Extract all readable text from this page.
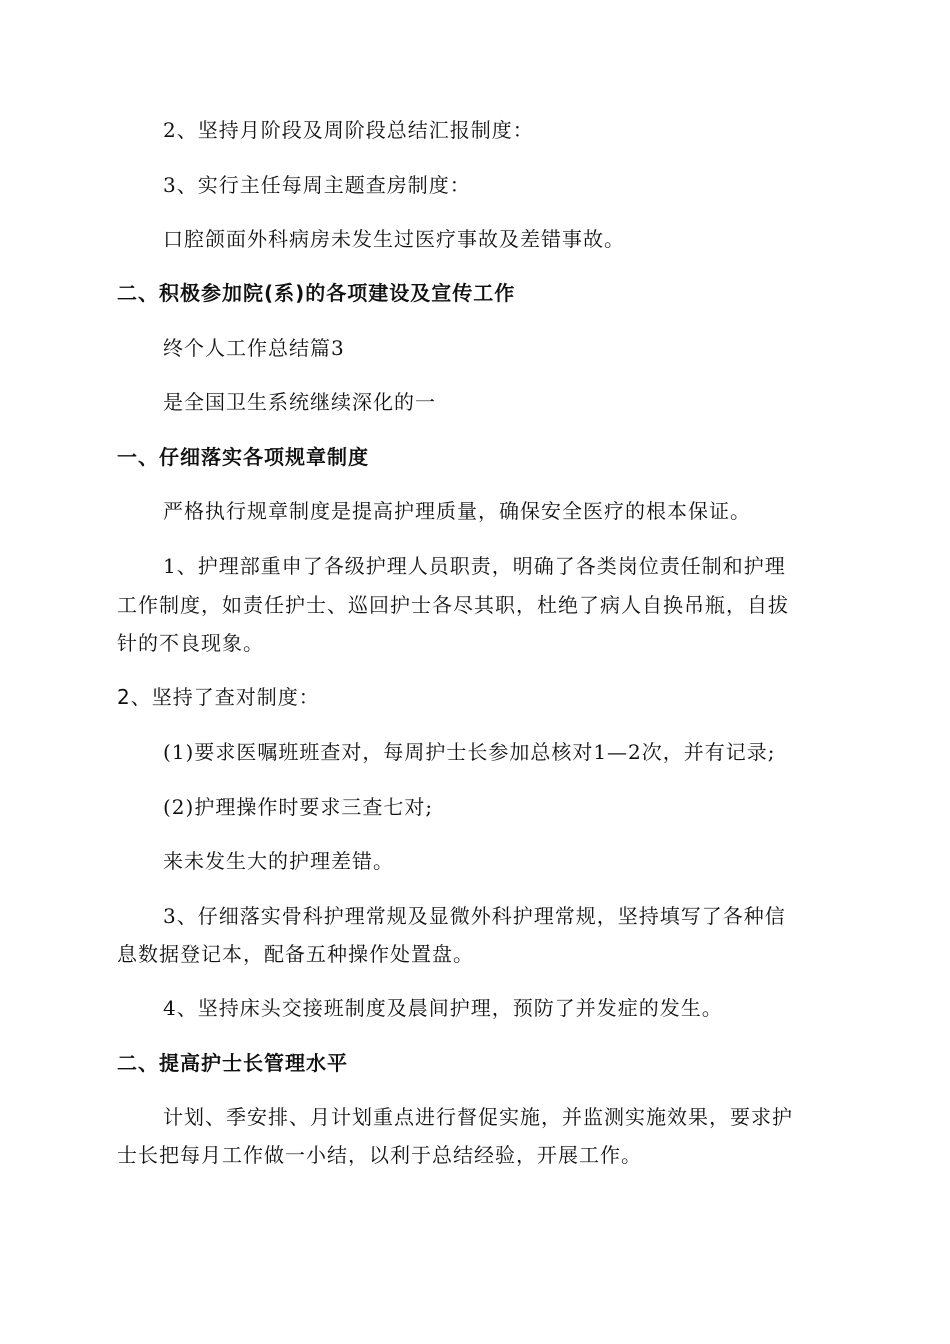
2、坚持月阶段及周阶段总结汇报制度：

3、实行主任每周主题查房制度：

口腔颌面外科病房未发生过医疗事故及差错事故。

二、积极参加院(系)的各项建设及宣传工作

终个人工作总结篇3

是全国卫生系统继续深化的一

一、仔细落实各项规章制度

严格执行规章制度是提高护理质量，确保安全医疗的根本保证。

1、护理部重申了各级护理人员职责，明确了各类岗位责任制和护理

工作制度，如责任护士、巡回护士各尽其职，杜绝了病人自换吊瓶，自拔

针的不良现象。

2、坚持了查对制度：

(1)要求医嘱班班查对，每周护士长参加总核对1—2次，并有记录;

(2)护理操作时要求三查七对;

来未发生大的护理差错。

3、仔细落实骨科护理常规及显微外科护理常规，坚持填写了各种信

息数据登记本，配备五种操作处置盘。

4、坚持床头交接班制度及晨间护理，预防了并发症的发生。

二、提高护士长管理水平

计划、季安排、月计划重点进行督促实施，并监测实施效果，要求护

士长把每月工作做一小结，以利于总结经验，开展工作。
